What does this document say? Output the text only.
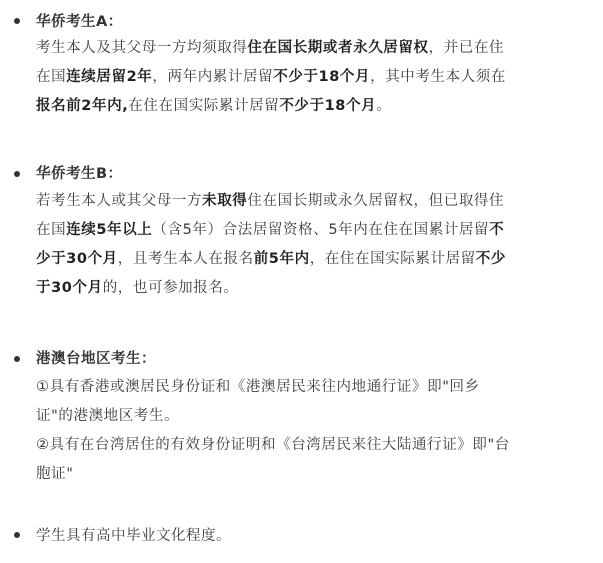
华侨考生A：
考生本人及其父母一方均须取得住在国长期或者永久居留权，并已在住
在国连续居留2年，两年内累计居留不少于18个月，其中考生本人须在
报名前2年内,在住在国实际累计居留不少于18个月。
华侨考生B：
若考生本人或其父母一方未取得住在国长期或永久居留权，但已取得住
在国连续5年以上（含5年）合法居留资格、5年内在住在国累计居留不
少于30个月，且考生本人在报名前5年内，在住在国实际累计居留不少
于30个月的，也可参加报名。
港澳台地区考生：
①具有香港或澳居民身份证和《港澳居民来往内地通行证》即"回乡
证"的港澳地区考生。
②具有在台湾居住的有效身份证明和《台湾居民来往大陆通行证》即"台
胞证"
学生具有高中毕业文化程度。
